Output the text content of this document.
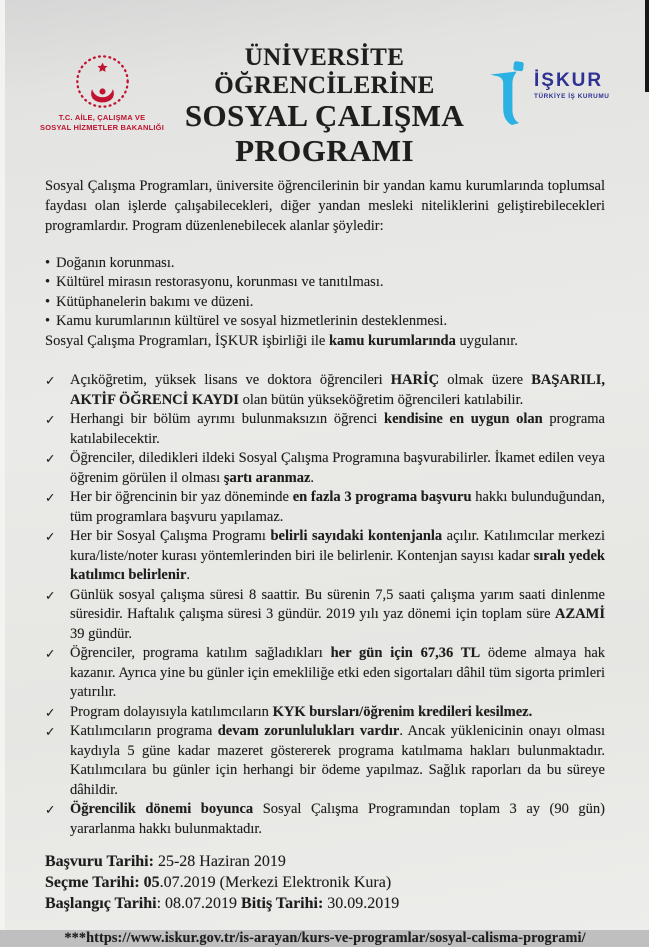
T.C. AİLE, ÇALIŞMA VE
SOSYAL HİZMETLER BAKANLIĞI
ÜNİVERSİTE ÖĞRENCİLERİNE
SOSYAL ÇALIŞMA
PROGRAMI
İŞKUR
TÜRKİYE İŞ KURUMU

Sosyal Çalışma Programları, üniversite öğrencilerinin bir yandan kamu kurumlarında toplumsal faydası olan işlerde çalışabilecekleri, diğer yandan mesleki niteliklerini geliştirebilecekleri programlardır. Program düzenlenebilecek alanlar şöyledir:

• Doğanın korunması.

• Kültürel mirasın restorasyonu, korunması ve tanıtılması.

• Kütüphanelerin bakımı ve düzeni.

• Kamu kurumlarının kültürel ve sosyal hizmetlerinin desteklenmesi.

Sosyal Çalışma Programları, İŞKUR işbirliği ile kamu kurumlarında uygulanır.

✓	Açıköğretim, yüksek lisans ve doktora öğrencileri HARİÇ olmak üzere BAŞARILI, AKTİF ÖĞRENCİ KAYDI olan bütün yükseköğretim öğrencileri katılabilir.

✓	Herhangi bir bölüm ayrımı bulunmaksızın öğrenci kendisine en uygun olan programa katılabilecektir.

✓	Öğrenciler, diledikleri ildeki Sosyal Çalışma Programına başvurabilirler. İkamet edilen veya öğrenim görülen il olması şartı aranmaz.

✓	Her bir öğrencinin bir yaz döneminde en fazla 3 programa başvuru hakkı bulunduğundan, tüm programlara başvuru yapılamaz.

✓	Her bir Sosyal Çalışma Programı belirli sayıdaki kontenjanla açılır. Katılımcılar merkezi kura/liste/noter kurası yöntemlerinden biri ile belirlenir. Kontenjan sayısı kadar sıralı yedek katılımcı belirlenir.

✓	Günlük sosyal çalışma süresi 8 saattir. Bu sürenin 7,5 saati çalışma yarım saati dinlenme süresidir. Haftalık çalışma süresi 3 gündür. 2019 yılı yaz dönemi için toplam süre AZAMİ 39 gündür.

✓	Öğrenciler, programa katılım sağladıkları her gün için 67,36 TL ödeme almaya hak kazanır. Ayrıca yine bu günler için emekliliğe etki eden sigortaları dâhil tüm sigorta primleri yatırılır.

✓	Program dolayısıyla katılımcıların KYK bursları/öğrenim kredileri kesilmez.

✓	Katılımcıların programa devam zorunlulukları vardır. Ancak yüklenicinin onayı olması kaydıyla 5 güne kadar mazeret göstererek programa katılmama hakları bulunmaktadır. Katılımcılara bu günler için herhangi bir ödeme yapılmaz. Sağlık raporları da bu süreye dâhildir.

✓	Öğrencilik dönemi boyunca Sosyal Çalışma Programından toplam 3 ay (90 gün) yararlanma hakkı bulunmaktadır.

Başvuru Tarihi: 25-28 Haziran 2019

Seçme Tarihi: 05.07.2019 (Merkezi Elektronik Kura)

Başlangıç Tarihi: 08.07.2019 Bitiş Tarihi: 30.09.2019

***https://www.iskur.gov.tr/is-arayan/kurs-ve-programlar/sosyal-calisma-programi/
